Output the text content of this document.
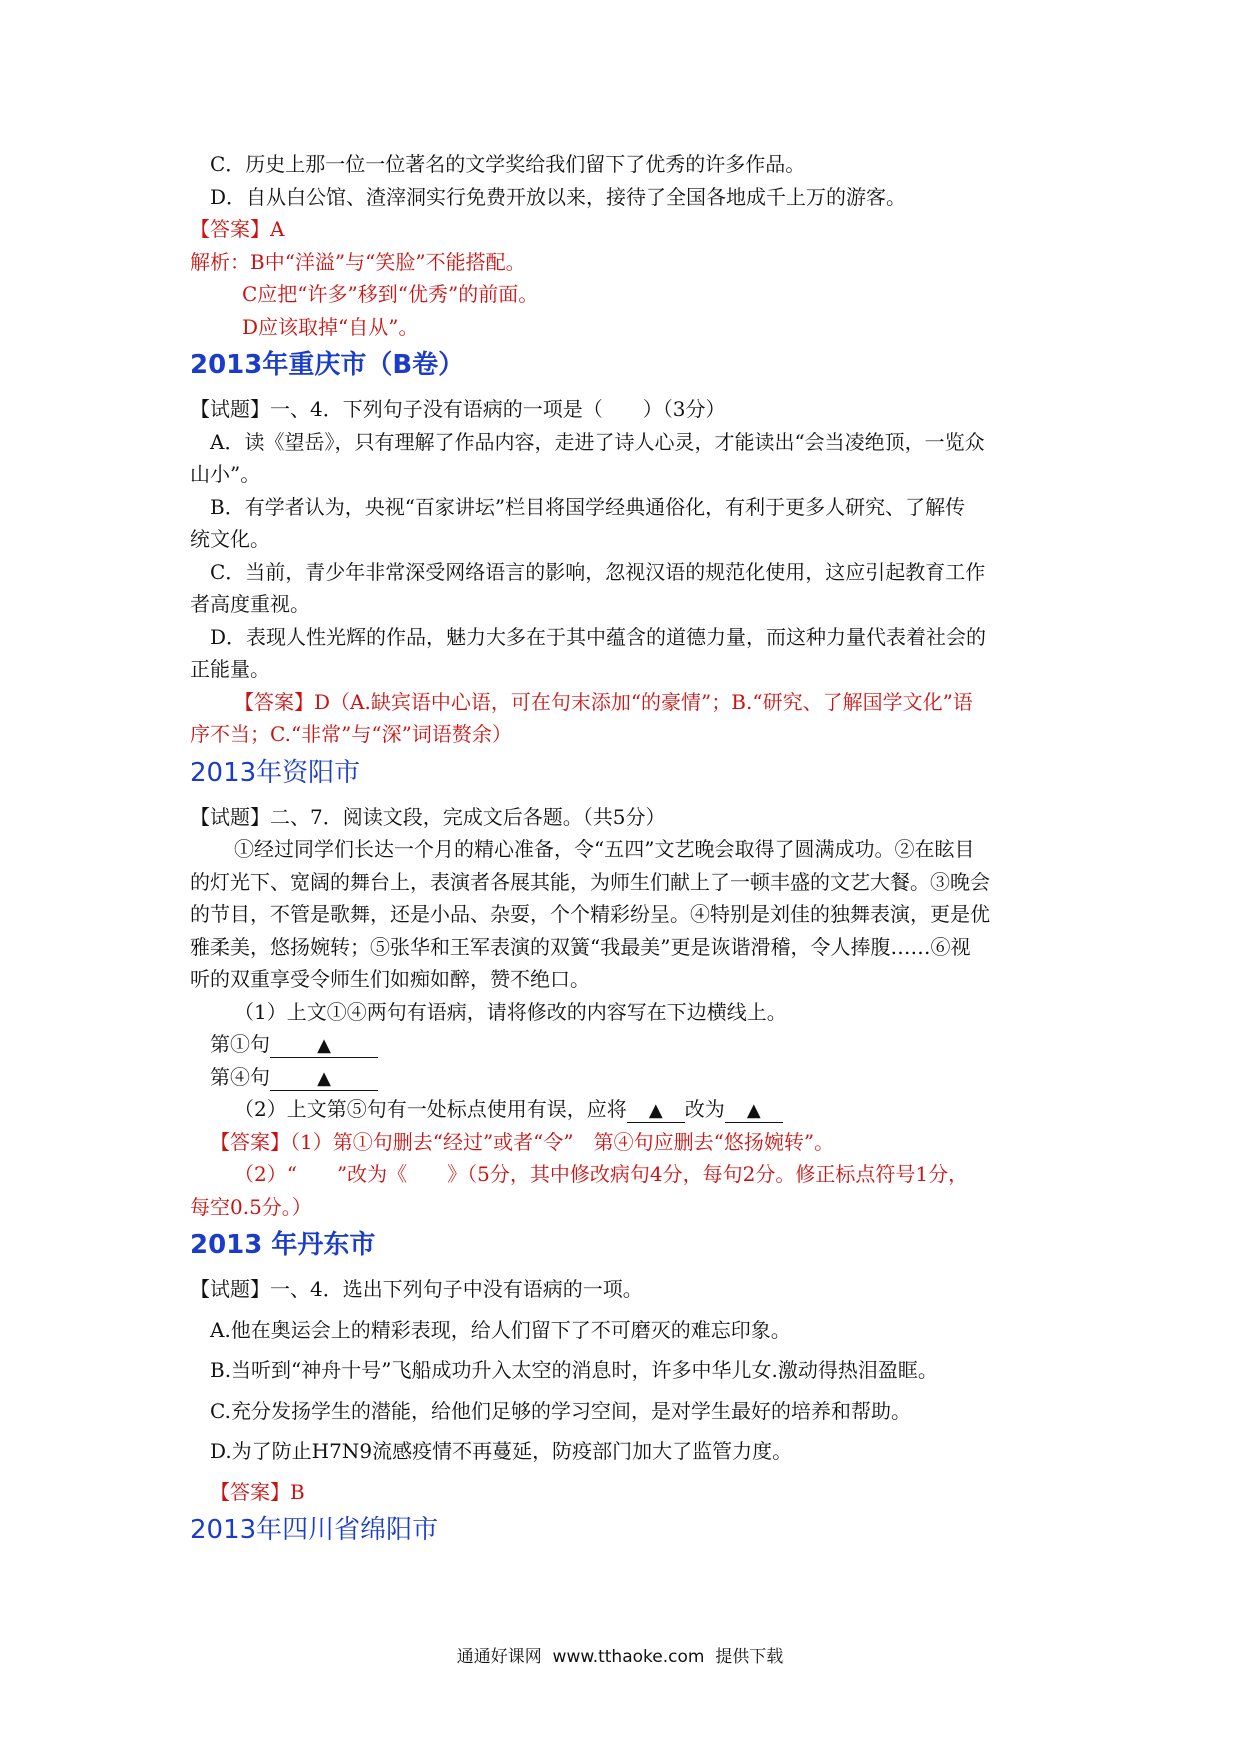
C．历史上那一位一位著名的文学奖给我们留下了优秀的许多作品。
D．自从白公馆、渣滓洞实行免费开放以来，接待了全国各地成千上万的游客。
【答案】A
解析：B中“洋溢”与“笑脸”不能搭配。
C应把“许多”移到“优秀”的前面。
D应该取掉“自从”。
2013年重庆市（B卷）
【试题】一、4．下列句子没有语病的一项是（　　）（3分）
A．读《望岳》，只有理解了作品内容，走进了诗人心灵，才能读出“会当凌绝顶，一览众
山小”。
B．有学者认为，央视“百家讲坛”栏目将国学经典通俗化，有利于更多人研究、了解传
统文化。
C．当前，青少年非常深受网络语言的影响，忽视汉语的规范化使用，这应引起教育工作
者高度重视。
D．表现人性光辉的作品，魅力大多在于其中蕴含的道德力量，而这种力量代表着社会的
正能量。
【答案】D（A.缺宾语中心语，可在句末添加“的豪情”；B.“研究、了解国学文化”语
序不当；C.“非常”与“深”词语赘余）
2013年资阳市
【试题】二、7．阅读文段，完成文后各题。（共5分）
①经过同学们长达一个月的精心准备，令“五四”文艺晚会取得了圆满成功。②在眩目
的灯光下、宽阔的舞台上，表演者各展其能，为师生们献上了一顿丰盛的文艺大餐。③晚会
的节目，不管是歌舞，还是小品、杂耍，个个精彩纷呈。④特别是刘佳的独舞表演，更是优
雅柔美，悠扬婉转；⑤张华和王军表演的双簧“我最美”更是诙谐滑稽，令人捧腹……⑥视
听的双重享受令师生们如痴如醉，赞不绝口。
（1）上文①④两句有语病，请将修改的内容写在下边横线上。
第①句	▲
第④句	▲
（2）上文第⑤句有一处标点使用有误，应将 ▲ 改为 ▲
【答案】（1）第①句删去“经过”或者“令”　第④句应删去“悠扬婉转”。
（2）“　　”改为《　　》（5分，其中修改病句4分，每句2分。修正标点符号1分，
每空0.5分。）
2013 年丹东市
【试题】一、4．选出下列句子中没有语病的一项。
A.他在奥运会上的精彩表现，给人们留下了不可磨灭的难忘印象。
B.当听到“神舟十号”飞船成功升入太空的消息时，许多中华儿女.激动得热泪盈眶。
C.充分发扬学生的潜能，给他们足够的学习空间，是对学生最好的培养和帮助。
D.为了防止H7N9流感疫情不再蔓延，防疫部门加大了监管力度。
【答案】B
2013年四川省绵阳市
通通好课网  www.tthaoke.com  提供下载
